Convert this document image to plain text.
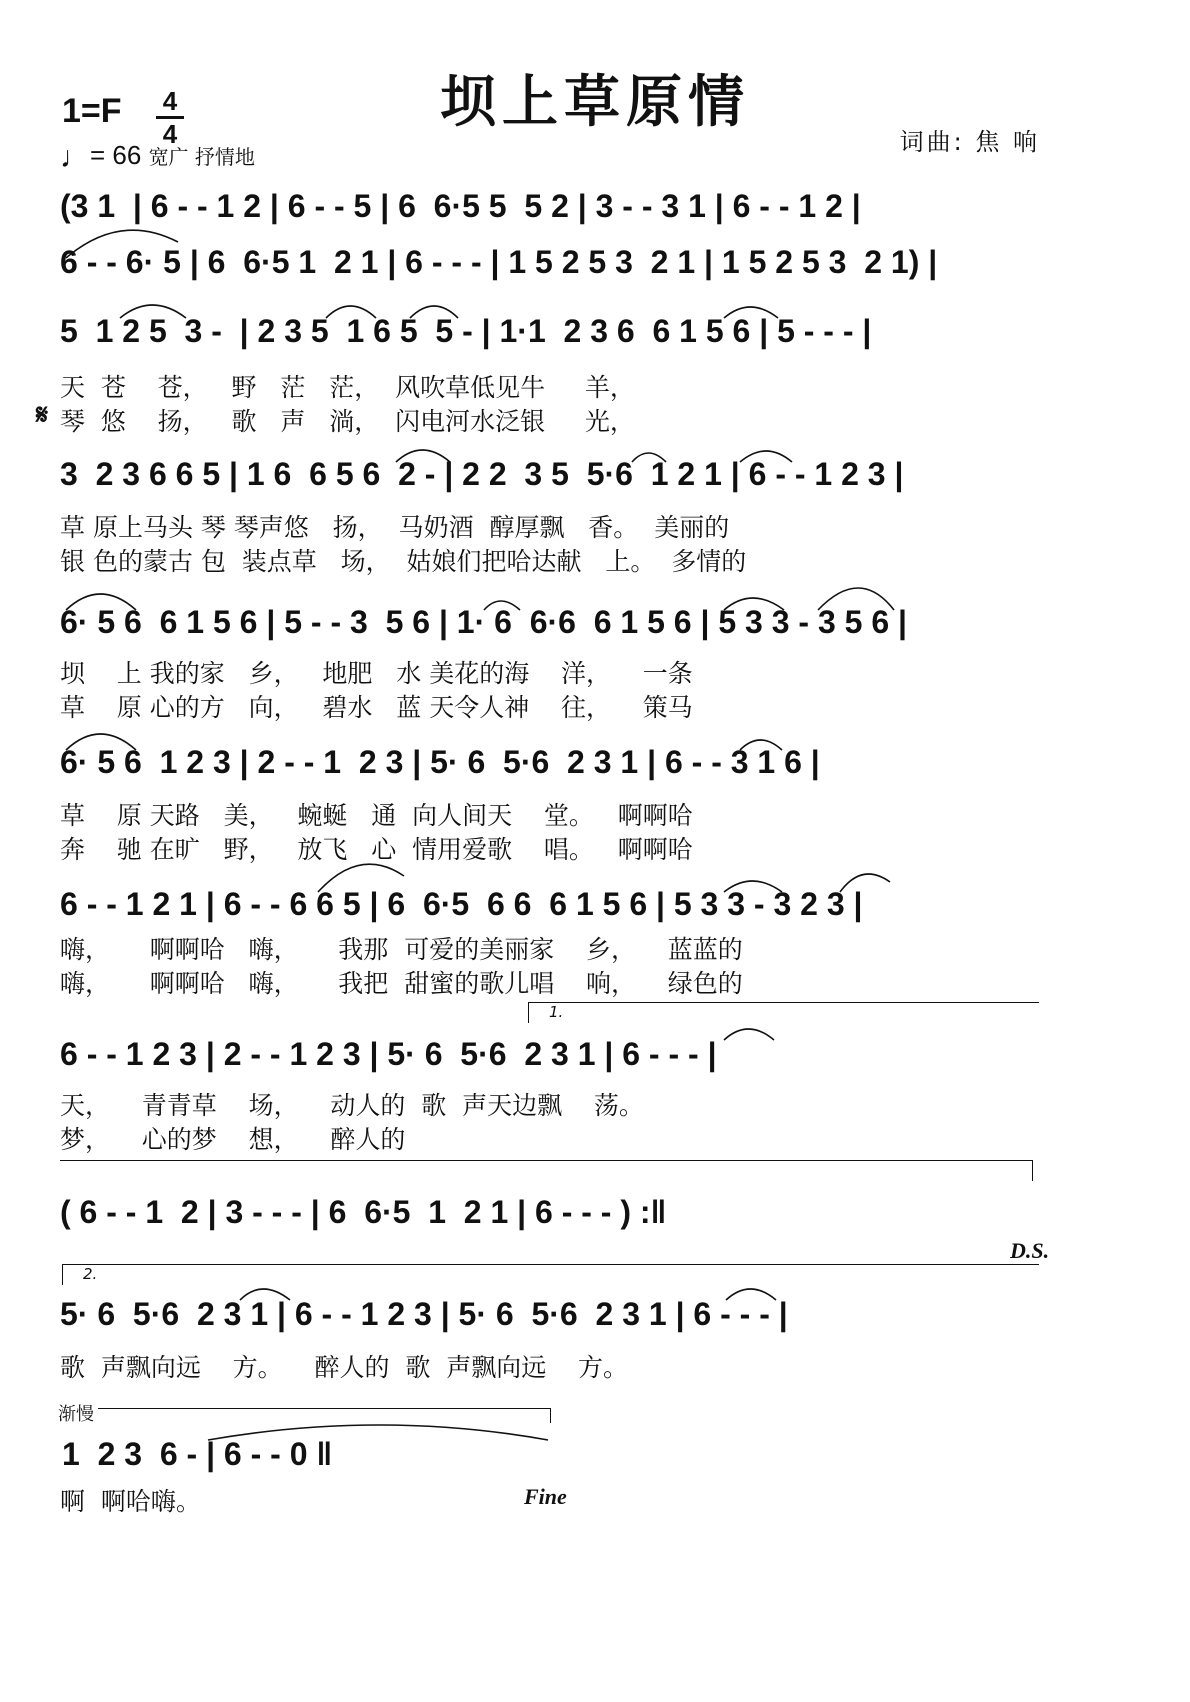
坝上草原情
1=F 4
4
♩= 66 宽广 抒情地
词曲: 焦 响
(3 1  | 6 - - 1 2 | 6 - - 5 | 6  6·5 5  5 2 | 3 - - 3 1 | 6 - - 1 2 |
6 - - 6· 5 | 6  6·5 1  2 1 | 6 - - - | 1 5 2 5 3  2 1 | 1 5 2 5 3  2 1) |
5  1 2 5  3 -  | 2 3 5  1 6 5  5 - | 1·1  2 3 6  6 1 5 6 | 5 - - - |
天  苍    苍，   野   茫   茫，  风吹草低见牛     羊，
𝄋 琴  悠    扬，   歌   声   淌，  闪电河水泛银     光，
3  2 3 6 6 5 | 1 6  6 5 6  2 - | 2 2  3 5  5·6  1 2 1 | 6 - - 1 2 3 |
草 原上马头 琴 琴声悠   扬，  马奶酒  醇厚飘   香。  美丽的
银 色的蒙古 包  装点草   场，  姑娘们把哈达献   上。  多情的
6· 5 6  6 1 5 6 | 5 - - 3  5 6 | 1· 6  6·6  6 1 5 6 | 5 3 3 - 3 5 6 |
坝    上 我的家   乡，   地肥   水 美花的海    洋，    一条
草    原 心的方   向，   碧水   蓝 天令人神    往，    策马
6· 5 6  1 2 3 | 2 - - 1  2 3 | 5· 6  5·6  2 3 1 | 6 - - 3 1 6 |
草    原 天路   美，   蜿蜒   通  向人间天    堂。   啊啊哈
奔    驰 在旷   野，   放飞   心  情用爱歌    唱。   啊啊哈
6 - - 1 2 1 | 6 - - 6 6 5 | 6  6·5  6 6  6 1 5 6 | 5 3 3 - 3 2 3 |
嗨，     啊啊哈   嗨，     我那  可爱的美丽家    乡，    蓝蓝的
嗨，     啊啊哈   嗨，     我把  甜蜜的歌儿唱    响，    绿色的
1.
6 - - 1 2 3 | 2 - - 1 2 3 | 5· 6  5·6  2 3 1 | 6 - - - |
天，    青青草    场，    动人的  歌  声天边飘    荡。
梦，    心的梦    想，    醉人的
( 6 - - 1  2 | 3 - - - | 6  6·5  1  2 1 | 6 - - - ) :‖
D.S.
2.
5· 6  5·6  2 3 1 | 6 - - 1 2 3 | 5· 6  5·6  2 3 1 | 6 - - - |
歌  声飘向远    方。    醉人的  歌  声飘向远    方。
渐慢
1  2 3  6 - | 6 - - 0 ‖
啊  啊哈嗨。	Fine
